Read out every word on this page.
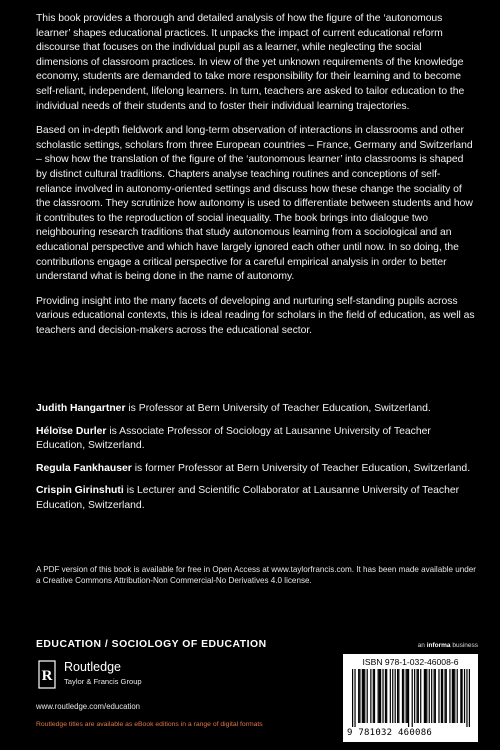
This book provides a thorough and detailed analysis of how the figure of the ‘autonomous learner’ shapes educational practices. It unpacks the impact of current educational reform discourse that focuses on the individual pupil as a learner, while neglecting the social dimensions of classroom practices. In view of the yet unknown requirements of the knowledge economy, students are demanded to take more responsibility for their learning and to become self-reliant, independent, lifelong learners. In turn, teachers are asked to tailor education to the individual needs of their students and to foster their individual learning trajectories.

Based on in-depth fieldwork and long-term observation of interactions in classrooms and other scholastic settings, scholars from three European countries – France, Germany and Switzerland – show how the translation of the figure of the ‘autonomous learner’ into classrooms is shaped by distinct cultural traditions. Chapters analyse teaching routines and conceptions of self-reliance involved in autonomy-oriented settings and discuss how these change the sociality of the classroom. They scrutinize how autonomy is used to differentiate between students and how it contributes to the reproduction of social inequality. The book brings into dialogue two neighbouring research traditions that study autonomous learning from a sociological and an educational perspective and which have largely ignored each other until now. In so doing, the contributions engage a critical perspective for a careful empirical analysis in order to better understand what is being done in the name of autonomy.

Providing insight into the many facets of developing and nurturing self-standing pupils across various educational contexts, this is ideal reading for scholars in the field of education, as well as teachers and decision-makers across the educational sector.

Judith Hangartner is Professor at Bern University of Teacher Education, Switzerland.

Héloïse Durler is Associate Professor of Sociology at Lausanne University of Teacher Education, Switzerland.

Regula Fankhauser is former Professor at Bern University of Teacher Education, Switzerland.

Crispin Girinshuti is Lecturer and Scientific Collaborator at Lausanne University of Teacher Education, Switzerland.

A PDF version of this book is available for free in Open Access at www.taylorfrancis.com. It has been made available under a Creative Commons Attribution-Non Commercial-No Derivatives 4.0 license.
EDUCATION / SOCIOLOGY OF EDUCATION	an informa business
R
Routledge
Taylor & Francis Group
www.routledge.com/education
Routledge titles are available as eBook editions in a range of digital formats
ISBN 978-1-032-46008-6
9 781032 460086
